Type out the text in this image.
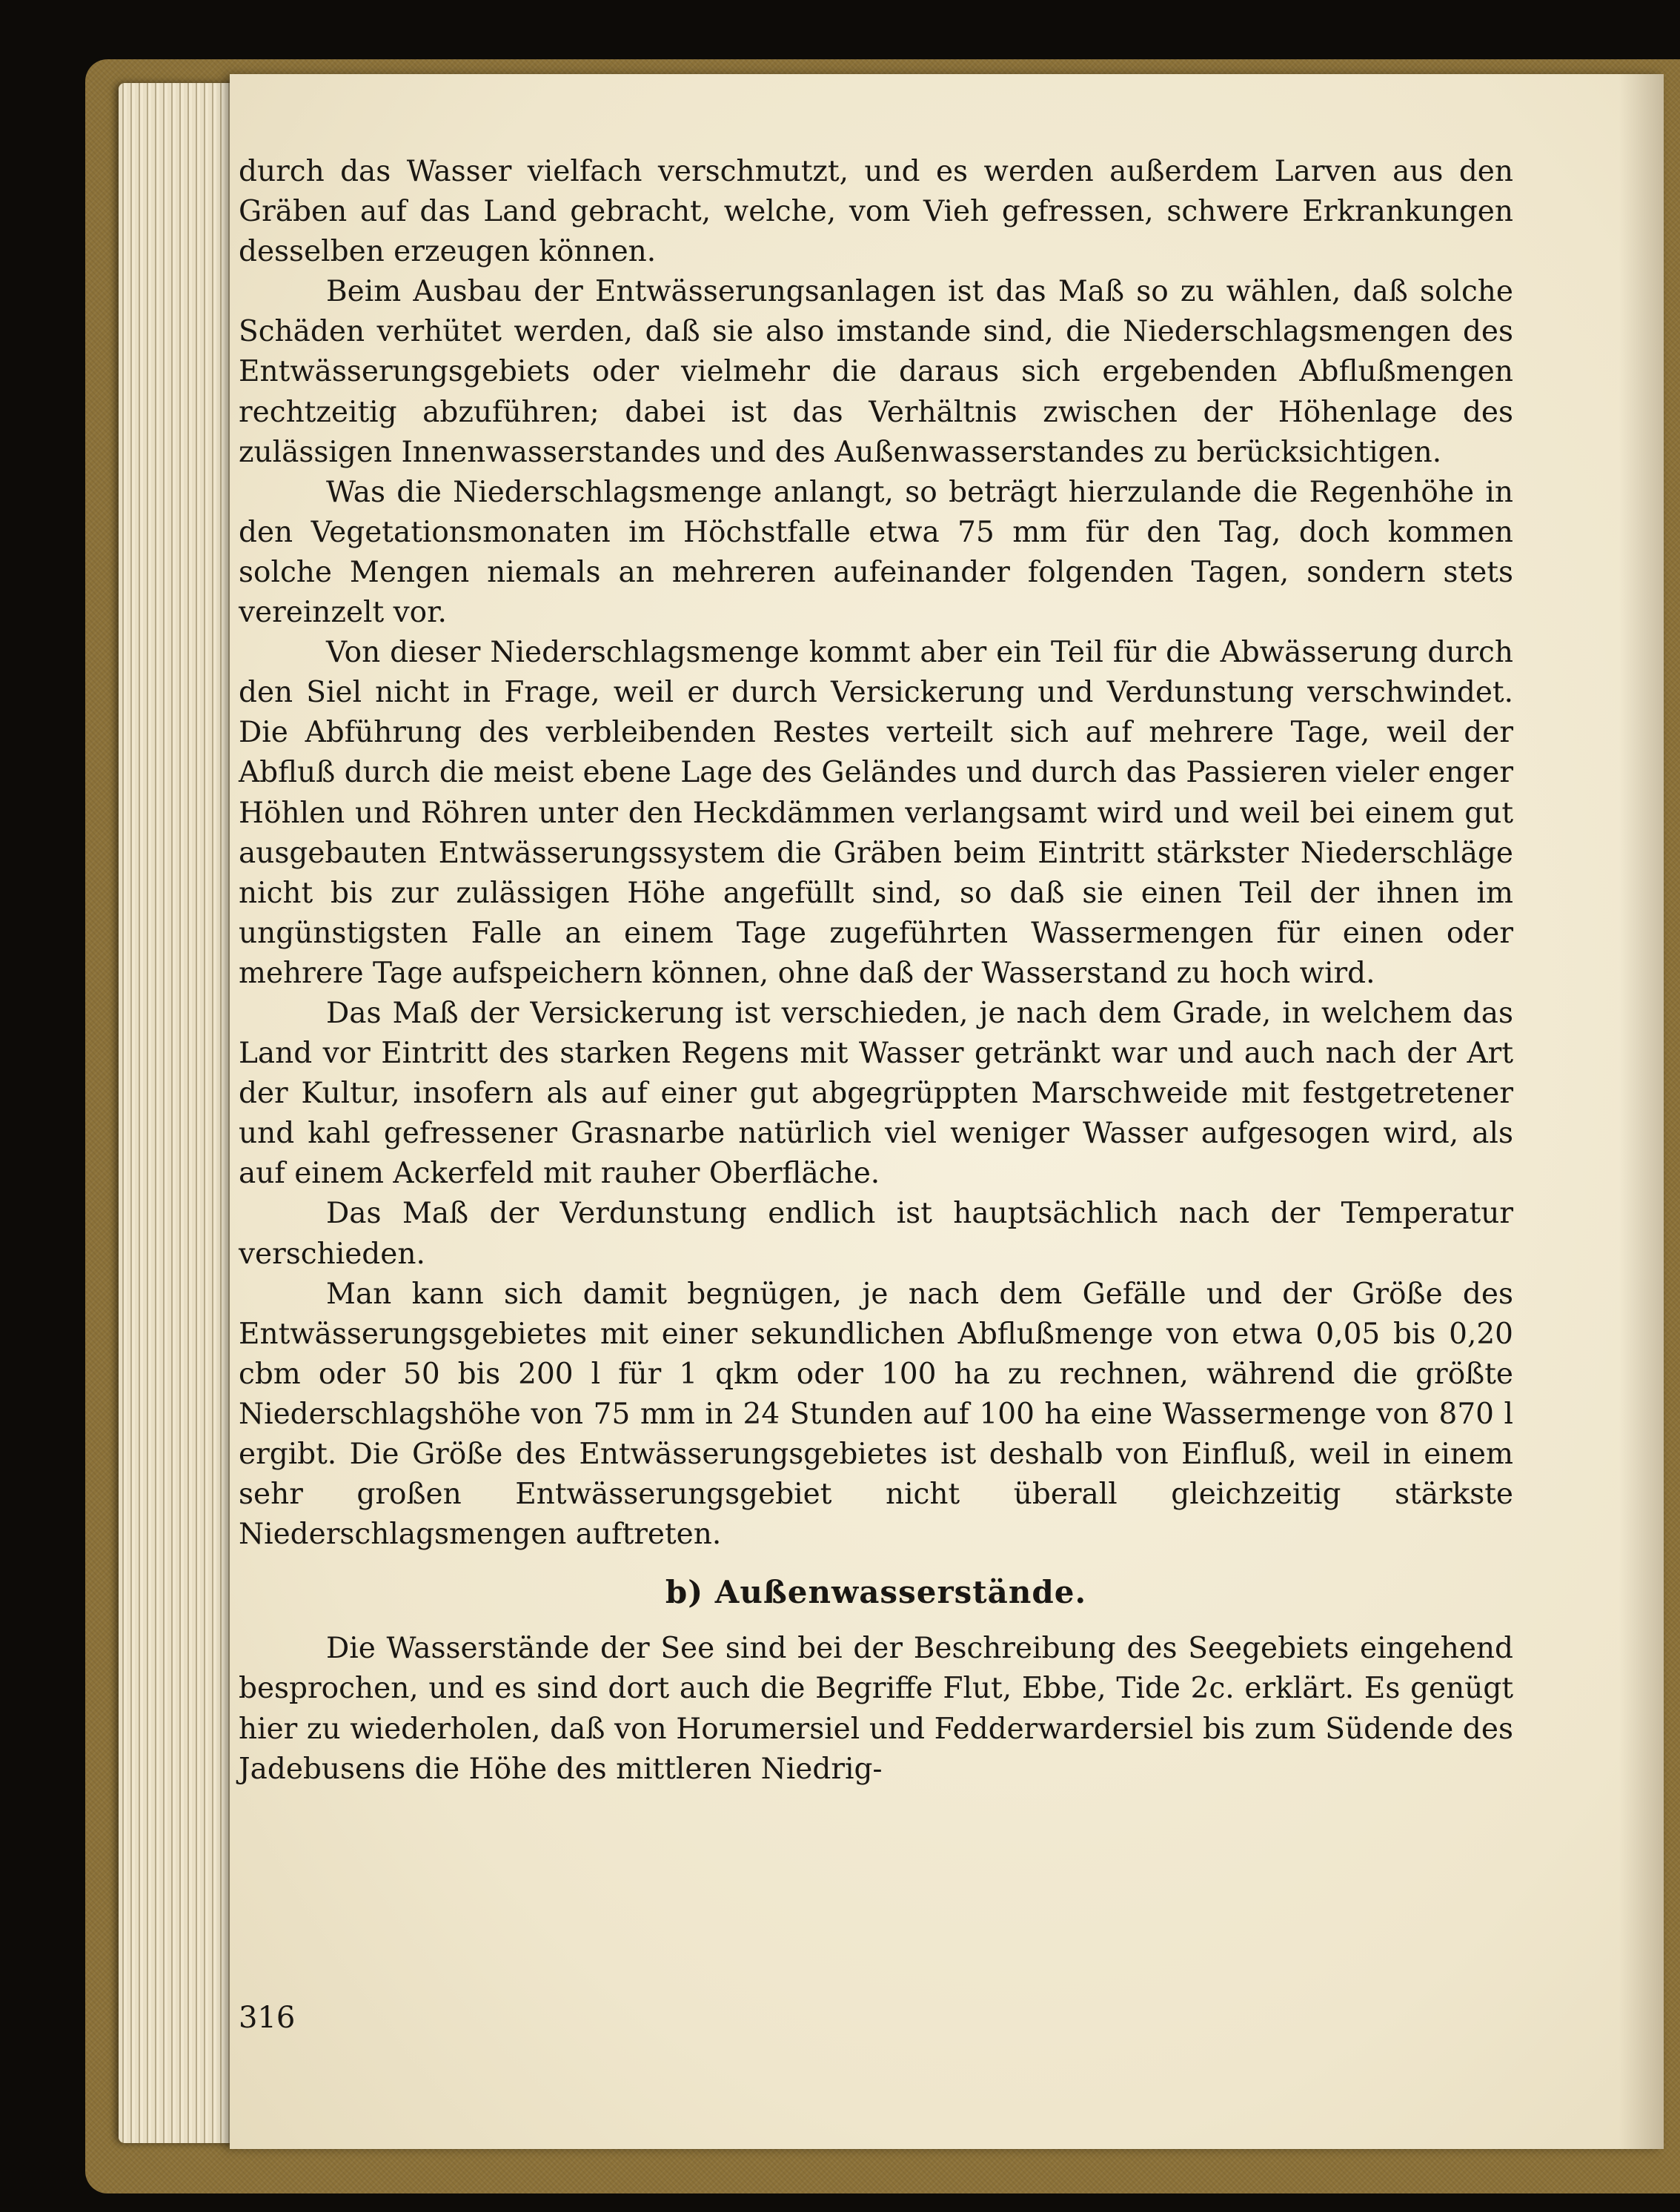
durch das Wasser vielfach verschmutzt, und es werden außerdem Larven aus den Gräben auf das Land gebracht, welche, vom Vieh gefressen, schwere Erkrankungen desselben erzeugen können.

Beim Ausbau der Entwässerungsanlagen ist das Maß so zu wählen, daß solche Schäden verhütet werden, daß sie also imstande sind, die Niederschlagsmengen des Entwässerungsgebiets oder vielmehr die daraus sich ergebenden Abflußmengen rechtzeitig abzuführen; dabei ist das Verhältnis zwischen der Höhenlage des zulässigen Innenwasserstandes und des Außenwasserstandes zu berücksichtigen.

Was die Niederschlagsmenge anlangt, so beträgt hierzulande die Regenhöhe in den Vegetationsmonaten im Höchstfalle etwa 75 mm für den Tag, doch kommen solche Mengen niemals an mehreren aufeinander folgenden Tagen, sondern stets vereinzelt vor.

Von dieser Niederschlagsmenge kommt aber ein Teil für die Abwässerung durch den Siel nicht in Frage, weil er durch Versickerung und Verdunstung verschwindet. Die Abführung des verbleibenden Restes verteilt sich auf mehrere Tage, weil der Abfluß durch die meist ebene Lage des Geländes und durch das Passieren vieler enger Höhlen und Röhren unter den Heckdämmen verlangsamt wird und weil bei einem gut ausgebauten Entwässerungssystem die Gräben beim Eintritt stärkster Niederschläge nicht bis zur zulässigen Höhe angefüllt sind, so daß sie einen Teil der ihnen im ungünstigsten Falle an einem Tage zugeführten Wassermengen für einen oder mehrere Tage aufspeichern können, ohne daß der Wasserstand zu hoch wird.

Das Maß der Versickerung ist verschieden, je nach dem Grade, in welchem das Land vor Eintritt des starken Regens mit Wasser getränkt war und auch nach der Art der Kultur, insofern als auf einer gut abgegrüppten Marschweide mit festgetretener und kahl gefressener Grasnarbe natürlich viel weniger Wasser aufgesogen wird, als auf einem Ackerfeld mit rauher Oberfläche.

Das Maß der Verdunstung endlich ist hauptsächlich nach der Temperatur verschieden.

Man kann sich damit begnügen, je nach dem Gefälle und der Größe des Entwässerungsgebietes mit einer sekundlichen Abflußmenge von etwa 0,05 bis 0,20 cbm oder 50 bis 200 l für 1 qkm oder 100 ha zu rechnen, während die größte Niederschlagshöhe von 75 mm in 24 Stunden auf 100 ha eine Wassermenge von 870 l ergibt. Die Größe des Entwässerungsgebietes ist deshalb von Einfluß, weil in einem sehr großen Entwässerungsgebiet nicht überall gleichzeitig stärkste Niederschlagsmengen auftreten.

b) Außenwasserstände.

Die Wasserstände der See sind bei der Beschreibung des Seegebiets eingehend besprochen, und es sind dort auch die Begriffe Flut, Ebbe, Tide 2c. erklärt. Es genügt hier zu wiederholen, daß von Horumersiel und Fedderwardersiel bis zum Südende des Jadebusens die Höhe des mittleren Niedrig-

316
